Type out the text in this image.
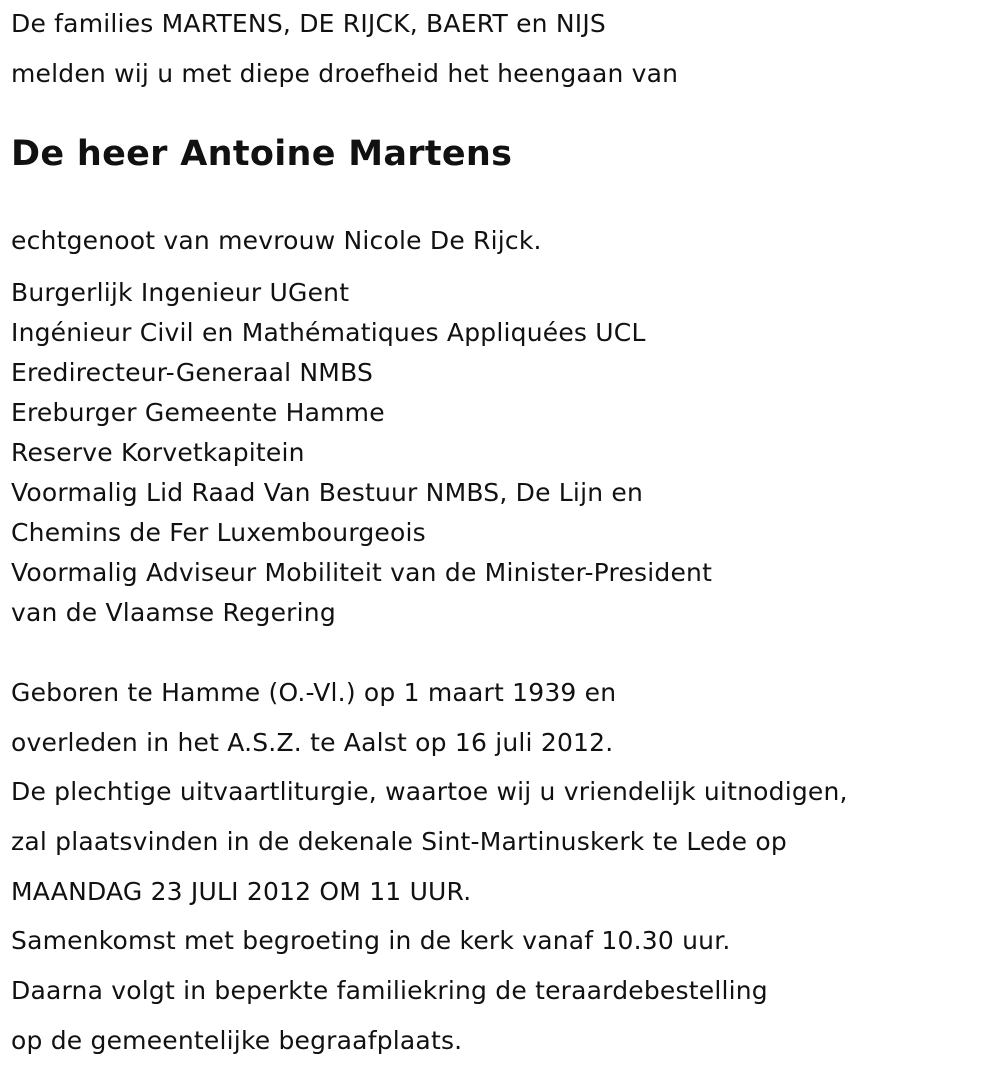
De families MARTENS, DE RIJCK, BAERT en NIJS
melden wij u met diepe droefheid het heengaan van
De heer Antoine Martens
echtgenoot van mevrouw Nicole De Rijck.
Burgerlijk Ingenieur UGent
Ingénieur Civil en Mathématiques Appliquées UCL
Eredirecteur-Generaal NMBS
Ereburger Gemeente Hamme
Reserve Korvetkapitein
Voormalig Lid Raad Van Bestuur NMBS, De Lijn en
Chemins de Fer Luxembourgeois
Voormalig Adviseur Mobiliteit van de Minister-President
van de Vlaamse Regering
Geboren te Hamme (O.-Vl.) op 1 maart 1939 en
overleden in het A.S.Z. te Aalst op 16 juli 2012.
De plechtige uitvaartliturgie, waartoe wij u vriendelijk uitnodigen,
zal plaatsvinden in de dekenale Sint-Martinuskerk te Lede op
MAANDAG 23 JULI 2012 OM 11 UUR.
Samenkomst met begroeting in de kerk vanaf 10.30 uur.
Daarna volgt in beperkte familiekring de teraardebestelling
op de gemeentelijke begraafplaats.
